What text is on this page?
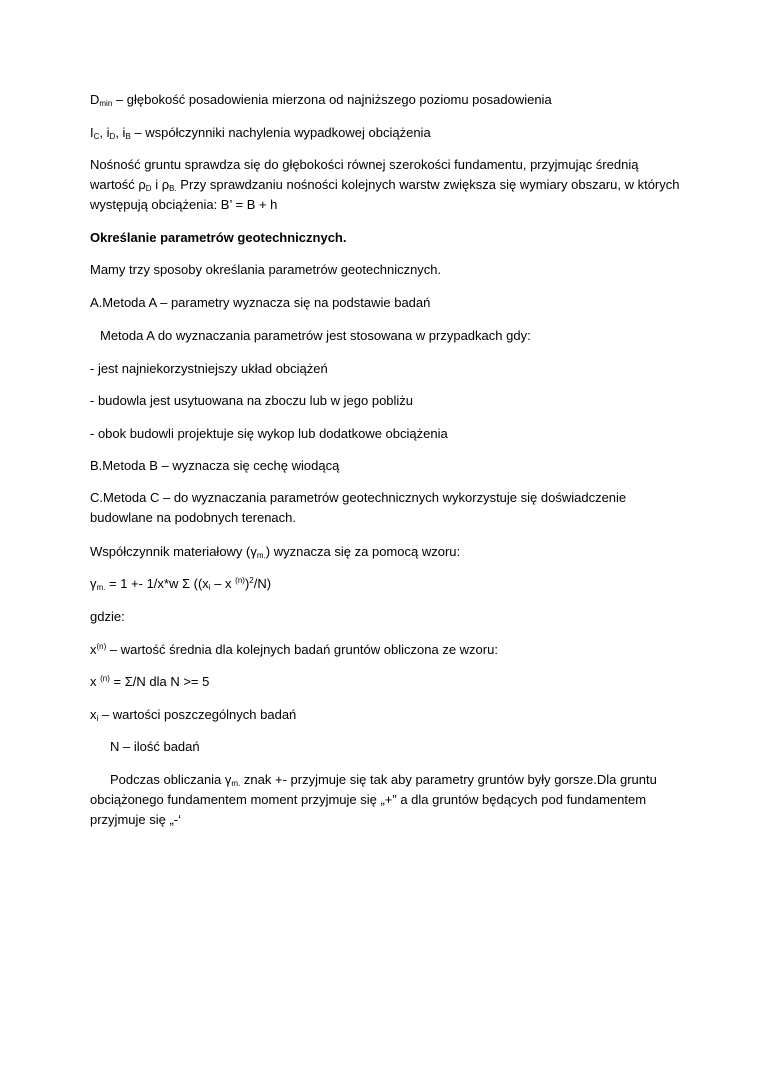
$D_{min}$ – głębokość posadowienia mierzona od najniższego poziomu posadowienia

$I_C$, $i_D$, $i_B$ – współczynniki nachylenia wypadkowej obciążenia

Nośność gruntu sprawdza się do głębokości równej szerokości fundamentu, przyjmując średnią
wartość $\rho_D$ i $\rho_{B.}$ Przy sprawdzaniu nośności kolejnych warstw zwiększa się wymiary obszaru, w których
występują obciążenia: B’ = B + h

Określanie parametrów geotechnicznych.

Mamy trzy sposoby określania parametrów geotechnicznych.

A.Metoda A – parametry wyznacza się na podstawie badań

Metoda A do wyznaczania parametrów jest stosowana w przypadkach gdy:

- jest najniekorzystniejszy układ obciążeń

- budowla jest usytuowana na zboczu lub w jego pobliżu

- obok budowli projektuje się wykop lub dodatkowe obciążenia

B.Metoda B – wyznacza się cechę wiodącą

C.Metoda C – do wyznaczania parametrów geotechnicznych wykorzystuje się doświadczenie
budowlane na podobnych terenach.

Współczynnik materiałowy $(\gamma_{m.})$ wyznacza się za pomocą wzoru:

$\gamma_{m.} = 1 +- 1/x*w$ Σ (($x_i$ – x $^{(n)}$)$^2$/N)

gdzie:

$x^{(n)}$ – wartość średnia dla kolejnych badań gruntów obliczona ze wzoru:

x $^{(n)}$ = Σ/N dla N >= 5

$x_i$ – wartości poszczególnych badań

N – ilość badań

Podczas obliczania $\gamma_{m.}$ znak +- przyjmuje się tak aby parametry gruntów były gorsze.Dla gruntu
obciążonego fundamentem moment przyjmuje się „+” a dla gruntów będących pod fundamentem
przyjmuje się „-‘
